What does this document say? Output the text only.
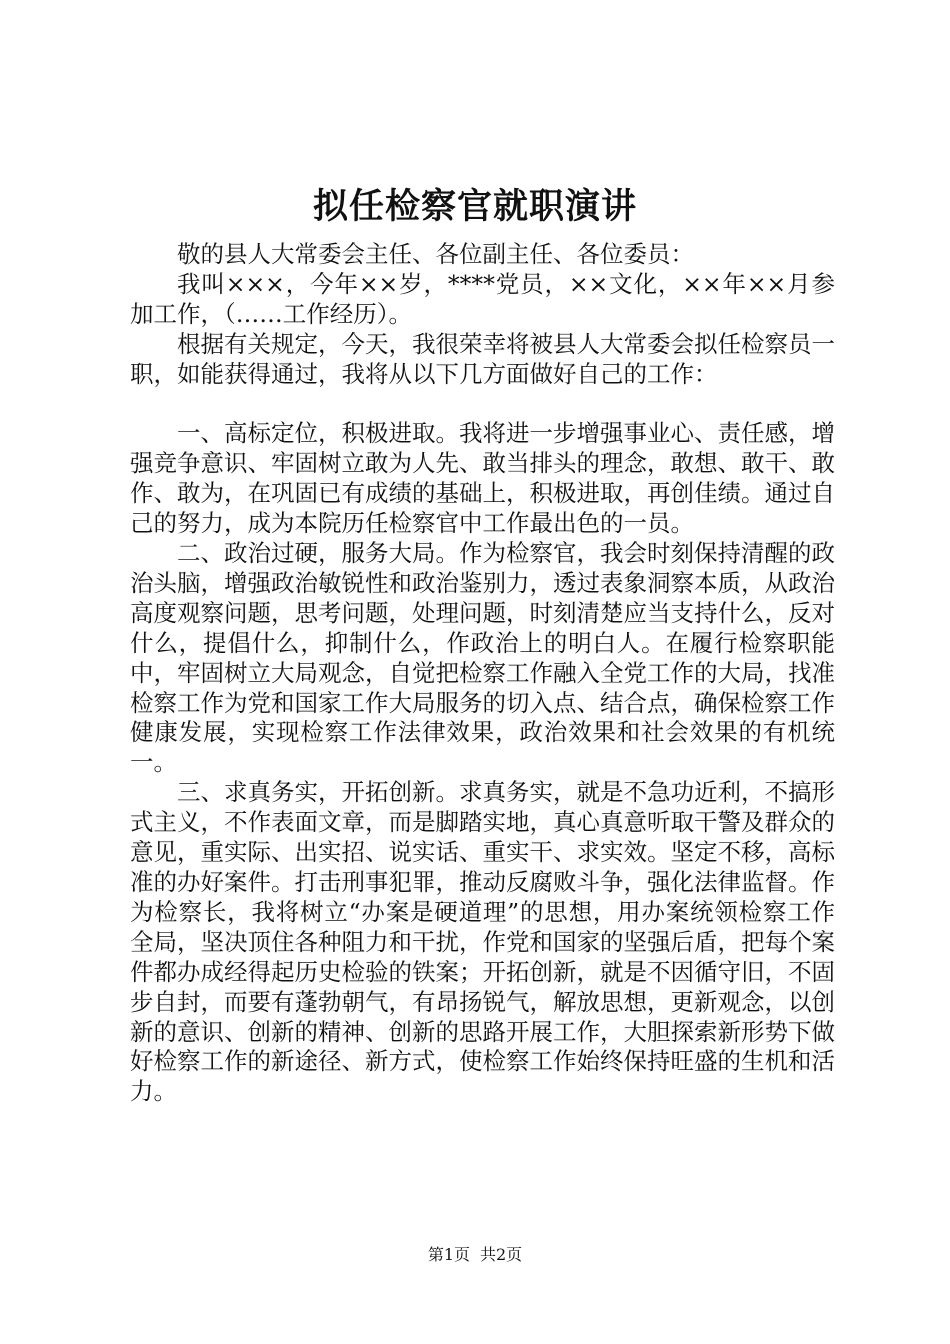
拟任检察官就职演讲

敬的县人大常委会主任、各位副主任、各位委员：

我叫×××，今年××岁，****党员，××文化，××年××月参加工作，（……工作经历）。

根据有关规定，今天，我很荣幸将被县人大常委会拟任检察员一职，如能获得通过，我将从以下几方面做好自己的工作：

一、高标定位，积极进取。我将进一步增强事业心、责任感，增强竞争意识、牢固树立敢为人先、敢当排头的理念，敢想、敢干、敢作、敢为，在巩固已有成绩的基础上，积极进取，再创佳绩。通过自己的努力，成为本院历任检察官中工作最出色的一员。

二、政治过硬，服务大局。作为检察官，我会时刻保持清醒的政治头脑，增强政治敏锐性和政治鉴别力，透过表象洞察本质，从政治高度观察问题，思考问题，处理问题，时刻清楚应当支持什么，反对什么，提倡什么，抑制什么，作政治上的明白人。在履行检察职能中，牢固树立大局观念，自觉把检察工作融入全党工作的大局，找准检察工作为党和国家工作大局服务的切入点、结合点，确保检察工作健康发展，实现检察工作法律效果，政治效果和社会效果的有机统一。

三、求真务实，开拓创新。求真务实，就是不急功近利，不搞形式主义，不作表面文章，而是脚踏实地，真心真意听取干警及群众的意见，重实际、出实招、说实话、重实干、求实效。坚定不移，高标准的办好案件。打击刑事犯罪，推动反腐败斗争，强化法律监督。作为检察长，我将树立“办案是硬道理”的思想，用办案统领检察工作全局，坚决顶住各种阻力和干扰，作党和国家的坚强后盾，把每个案件都办成经得起历史检验的铁案；开拓创新，就是不因循守旧，不固步自封，而要有蓬勃朝气，有昂扬锐气，解放思想，更新观念，以创新的意识、创新的精神、创新的思路开展工作，大胆探索新形势下做好检察工作的新途径、新方式，使检察工作始终保持旺盛的生机和活力。

第1页 共2页
